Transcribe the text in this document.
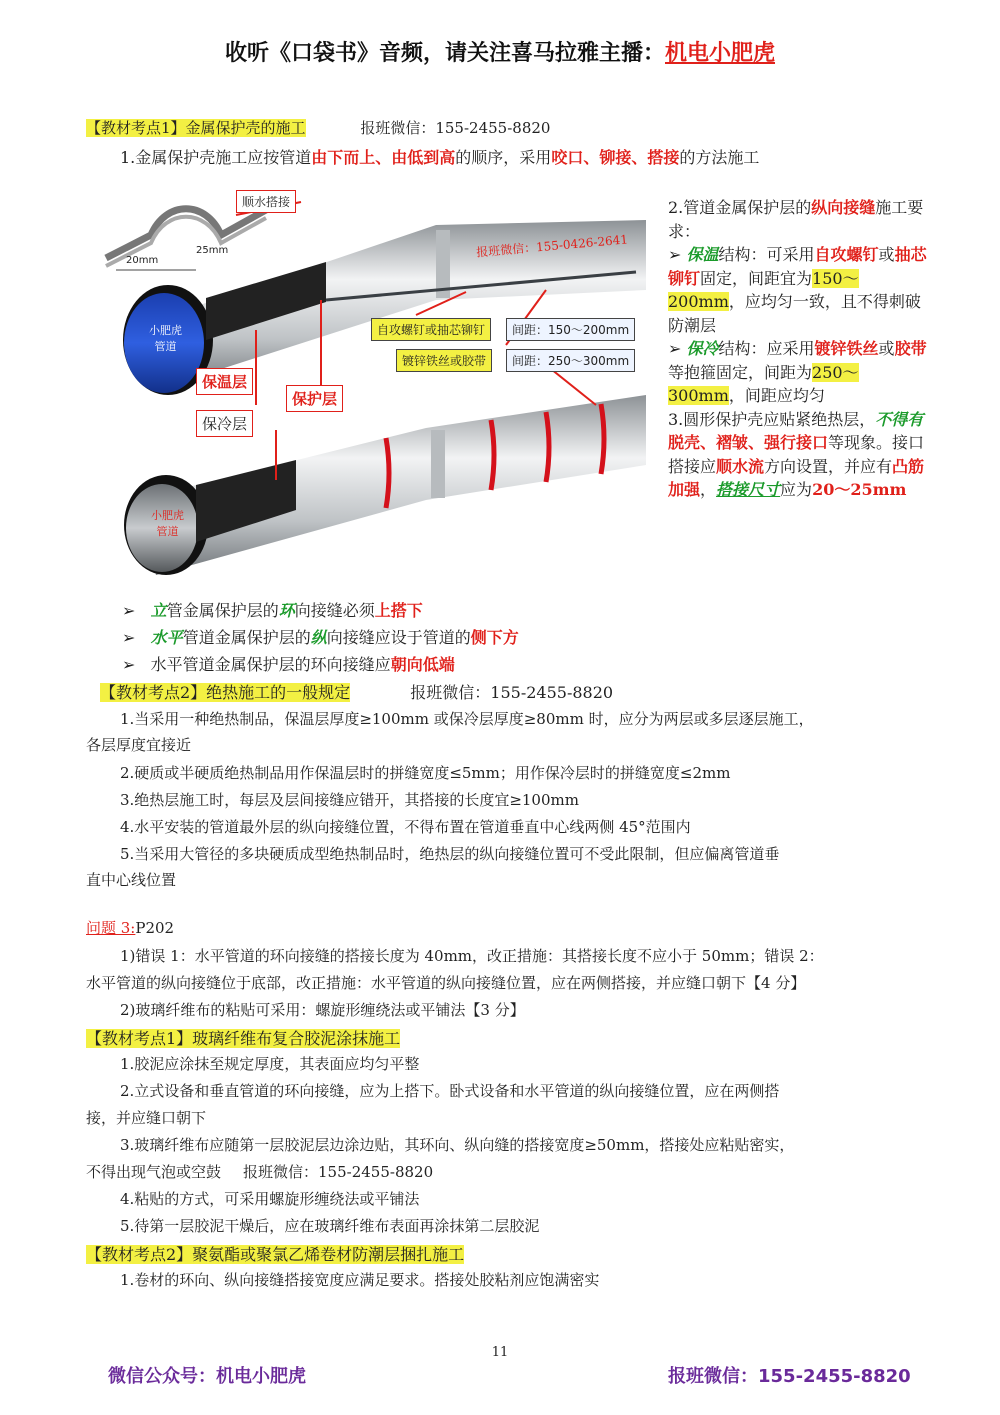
收听《口袋书》音频，请关注喜马拉雅主播：机电小肥虎
【教材考点1】金属保护壳的施工	报班微信：155-2455-8820
1.金属保护壳施工应按管道由下而上、由低到高的顺序，采用咬口、铆接、搭接的方法施工
顺水搭接
20mm
25mm
小肥虎
管道
报班微信：155-0426-2641
自攻螺钉或抽芯铆钉	间距：150～200mm
镀锌铁丝或胶带	间距：250～300mm
保温层
保护层
保冷层
小肥虎
管道

2.管道金属保护层的纵向接缝施工要求：

➢ 保温结构：可采用自攻螺钉或抽芯铆钉固定，间距宜为150～200mm，应均匀一致，且不得刺破防潮层

➢ 保冷结构：应采用镀锌铁丝或胶带等抱箍固定，间距为250～300mm，间距应均匀

3.圆形保护壳应贴紧绝热层，不得有脱壳、褶皱、强行接口等现象。接口搭接应顺水流方向设置，并应有凸筋加强，搭接尺寸应为20～25mm

➢ 立管金属保护层的环向接缝必须上搭下
➢ 水平管道金属保护层的纵向接缝应设于管道的侧下方
➢ 水平管道金属保护层的环向接缝应朝向低端
【教材考点2】绝热施工的一般规定	报班微信：155-2455-8820
1.当采用一种绝热制品，保温层厚度≥100mm 或保冷层厚度≥80mm 时，应分为两层或多层逐层施工，
各层厚度宜接近
2.硬质或半硬质绝热制品用作保温层时的拼缝宽度≤5mm；用作保冷层时的拼缝宽度≤2mm
3.绝热层施工时，每层及层间接缝应错开，其搭接的长度宜≥100mm
4.水平安装的管道最外层的纵向接缝位置，不得布置在管道垂直中心线两侧 45°范围内
5.当采用大管径的多块硬质成型绝热制品时，绝热层的纵向接缝位置可不受此限制，但应偏离管道垂
直中心线位置
问题 3:P202
1)错误 1：水平管道的环向接缝的搭接长度为 40mm，改正措施：其搭接长度不应小于 50mm；错误 2：
水平管道的纵向接缝位于底部，改正措施：水平管道的纵向接缝位置，应在两侧搭接，并应缝口朝下【4 分】
2)玻璃纤维布的粘贴可采用：螺旋形缠绕法或平铺法【3 分】
【教材考点1】玻璃纤维布复合胶泥涂抹施工
1.胶泥应涂抹至规定厚度，其表面应均匀平整
2.立式设备和垂直管道的环向接缝，应为上搭下。卧式设备和水平管道的纵向接缝位置，应在两侧搭
接，并应缝口朝下
3.玻璃纤维布应随第一层胶泥层边涂边贴，其环向、纵向缝的搭接宽度≥50mm，搭接处应粘贴密实，
不得出现气泡或空鼓 报班微信：155-2455-8820
4.粘贴的方式，可采用螺旋形缠绕法或平铺法
5.待第一层胶泥干燥后，应在玻璃纤维布表面再涂抹第二层胶泥
【教材考点2】聚氨酯或聚氯乙烯卷材防潮层捆扎施工
1.卷材的环向、纵向接缝搭接宽度应满足要求。搭接处胶粘剂应饱满密实
11
微信公众号：机电小肥虎	报班微信：155-2455-8820
